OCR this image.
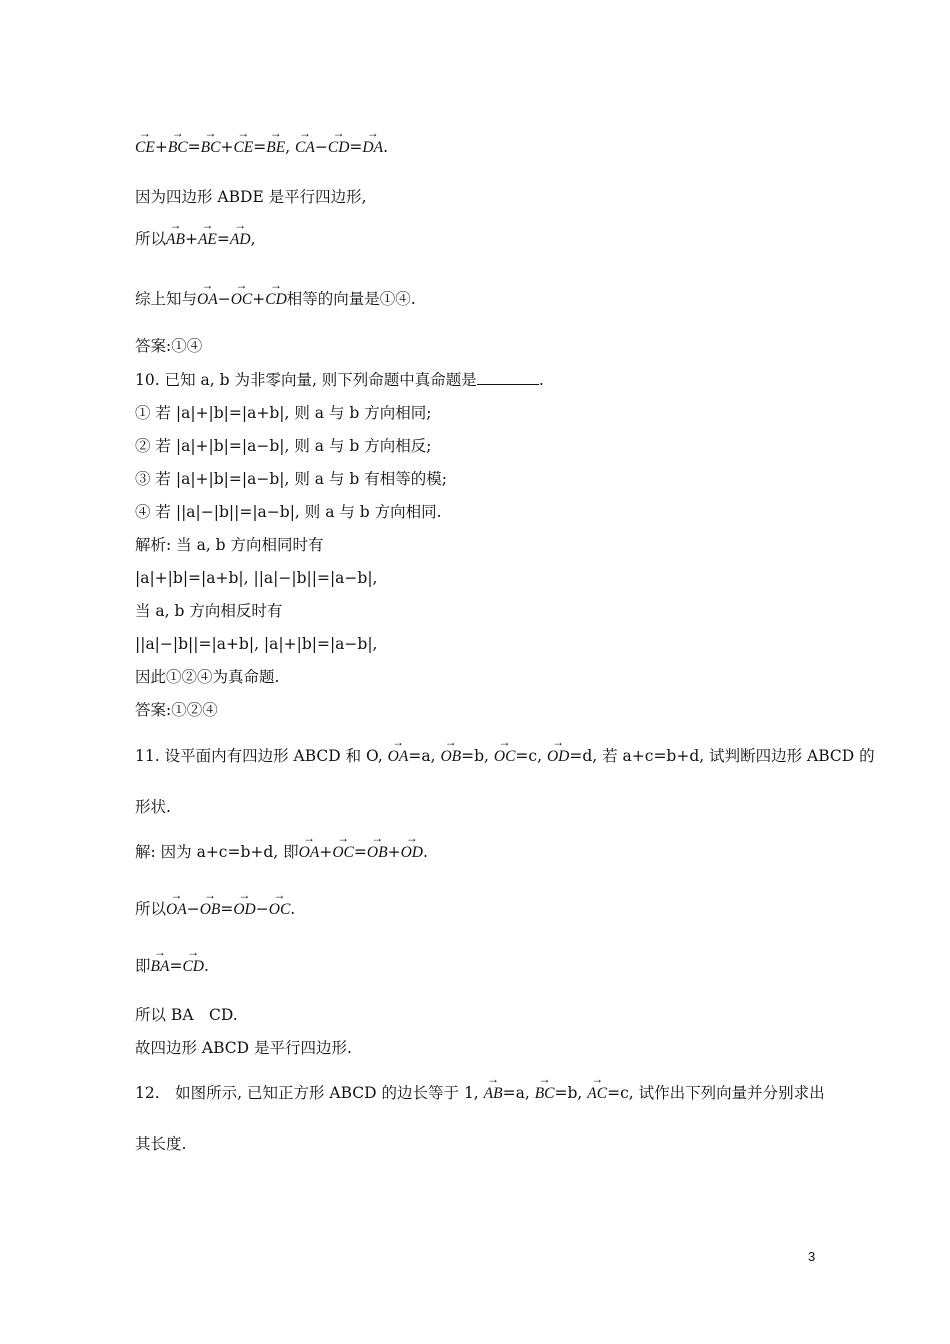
→ CE+→ BC=→ BC+→ CE=→ BE, → CA−→ CD=→ DA.
因为四边形 ABDE 是平行四边形,
所以→ AB+→ AE=→ AD,
综上知与→ OA−→ OC+→ CD相等的向量是①④.
答案:①④
10. 已知 a, b 为非零向量, 则下列命题中真命题是	.
① 若 |a|+|b|=|a+b|, 则 a 与 b 方向相同;
② 若 |a|+|b|=|a−b|, 则 a 与 b 方向相反;
③ 若 |a|+|b|=|a−b|, 则 a 与 b 有相等的模;
④ 若 ||a|−|b||=|a−b|, 则 a 与 b 方向相同.
解析: 当 a, b 方向相同时有
|a|+|b|=|a+b|, ||a|−|b||=|a−b|,
当 a, b 方向相反时有
||a|−|b||=|a+b|, |a|+|b|=|a−b|,
因此①②④为真命题.
答案:①②④
11. 设平面内有四边形 ABCD 和 O, → OA=a, → OB=b, → OC=c, → OD=d, 若 a+c=b+d, 试判断四边形 ABCD 的
形状.
解: 因为 a+c=b+d, 即→ OA+→ OC=→ OB+→ OD.
所以→ OA−→ OB=→ OD−→ OC.
即→ BA=→ CD.
所以 BA　CD.
故四边形 ABCD 是平行四边形.
12.　如图所示, 已知正方形 ABCD 的边长等于 1, → AB=a, → BC=b, → AC=c, 试作出下列向量并分别求出
其长度.
3
